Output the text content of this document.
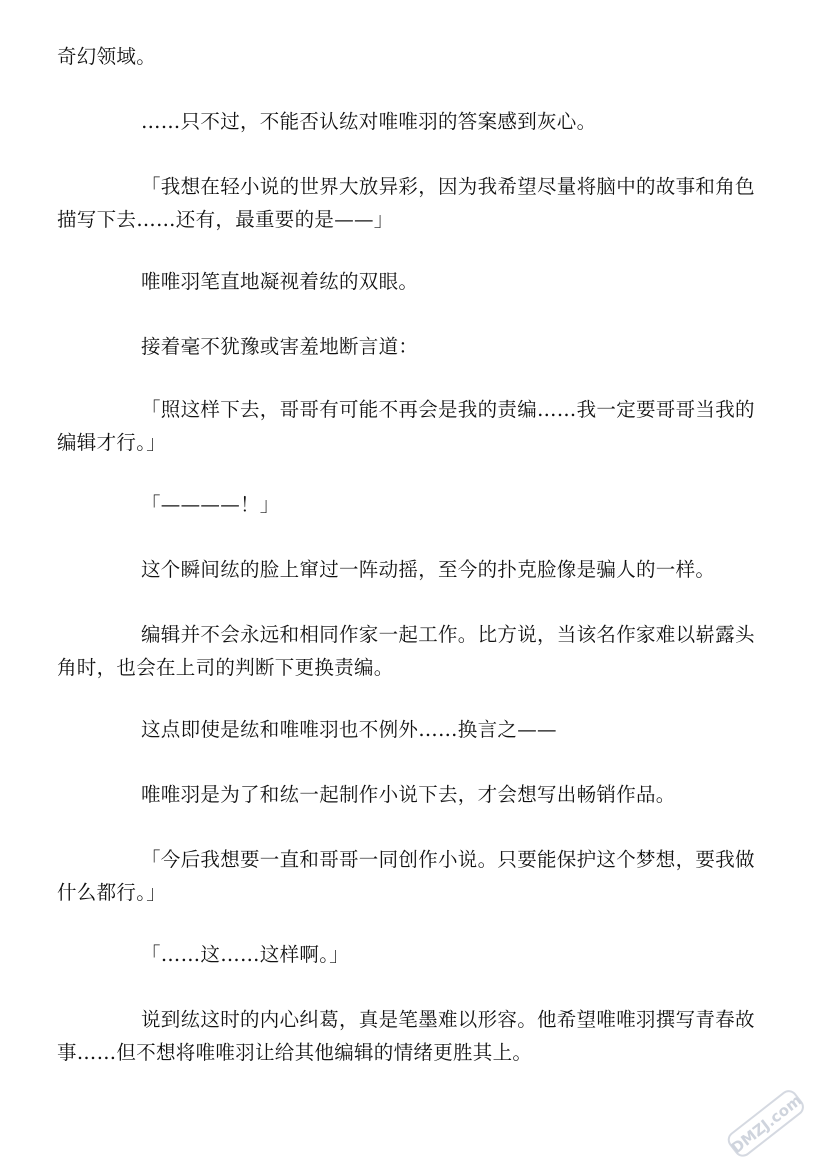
奇幻领域。

……只不过，不能否认纮对唯唯羽的答案感到灰心。

「我想在轻小说的世界大放异彩，因为我希望尽量将脑中的故事和角色描写下去……还有，最重要的是——」

唯唯羽笔直地凝视着纮的双眼。

接着毫不犹豫或害羞地断言道：

「照这样下去，哥哥有可能不再会是我的责编……我一定要哥哥当我的编辑才行。」

「————！」

这个瞬间纮的脸上窜过一阵动摇，至今的扑克脸像是骗人的一样。

编辑并不会永远和相同作家一起工作。比方说，当该名作家难以崭露头角时，也会在上司的判断下更换责编。

这点即使是纮和唯唯羽也不例外……换言之——

唯唯羽是为了和纮一起制作小说下去，才会想写出畅销作品。

「今后我想要一直和哥哥一同创作小说。只要能保护这个梦想，要我做什么都行。」

「……这……这样啊。」

说到纮这时的内心纠葛，真是笔墨难以形容。他希望唯唯羽撰写青春故事……但不想将唯唯羽让给其他编辑的情绪更胜其上。

DMZJ.com
